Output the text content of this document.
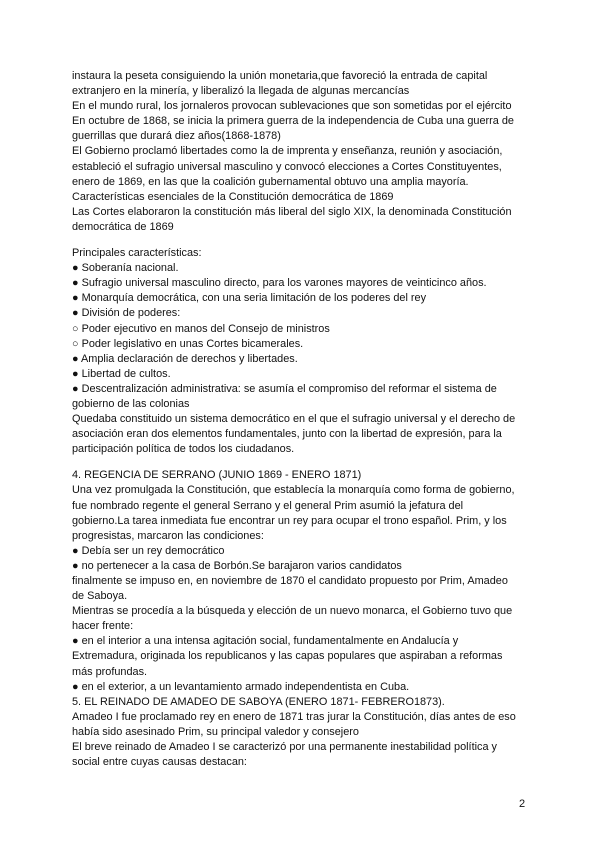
instaura la peseta consiguiendo la unión monetaria,que favoreció la entrada de capital
extranjero en la minería, y liberalizó la llegada de algunas mercancías
En el mundo rural, los jornaleros provocan sublevaciones que son sometidas por el ejército
En octubre de 1868, se inicia la primera guerra de la independencia de Cuba una guerra de
guerrillas que durará diez años(1868-1878)
El Gobierno proclamó libertades como la de imprenta y enseñanza, reunión y asociación,
estableció el sufragio universal masculino y convocó elecciones a Cortes Constituyentes,
enero de 1869, en las que la coalición gubernamental obtuvo una amplia mayoría.
Características esenciales de la Constitución democrática de 1869
Las Cortes elaboraron la constitución más liberal del siglo XIX, la denominada Constitución
democrática de 1869
Principales características:
● Soberanía nacional.
● Sufragio universal masculino directo, para los varones mayores de veinticinco años.
● Monarquía democrática, con una seria limitación de los poderes del rey
● División de poderes:
○ Poder ejecutivo en manos del Consejo de ministros
○ Poder legislativo en unas Cortes bicamerales.
● Amplia declaración de derechos y libertades.
● Libertad de cultos.
● Descentralización administrativa: se asumía el compromiso del reformar el sistema de
gobierno de las colonias
Quedaba constituido un sistema democrático en el que el sufragio universal y el derecho de
asociación eran dos elementos fundamentales, junto con la libertad de expresión, para la
participación política de todos los ciudadanos.
4. REGENCIA DE SERRANO (JUNIO 1869 - ENERO 1871)
Una vez promulgada la Constitución, que establecía la monarquía como forma de gobierno,
fue nombrado regente el general Serrano y el general Prim asumió la jefatura del
gobierno.La tarea inmediata fue encontrar un rey para ocupar el trono español. Prim, y los
progresistas, marcaron las condiciones:
● Debía ser un rey democrático
● no pertenecer a la casa de Borbón.Se barajaron varios candidatos
finalmente se impuso en, en noviembre de 1870 el candidato propuesto por Prim, Amadeo
de Saboya.
Mientras se procedía a la búsqueda y elección de un nuevo monarca, el Gobierno tuvo que
hacer frente:
● en el interior a una intensa agitación social, fundamentalmente en Andalucía y
Extremadura, originada los republicanos y las capas populares que aspiraban a reformas
más profundas.
● en el exterior, a un levantamiento armado independentista en Cuba.
5. EL REINADO DE AMADEO DE SABOYA (ENERO 1871- FEBRERO1873).
Amadeo I fue proclamado rey en enero de 1871 tras jurar la Constitución, días antes de eso
había sido asesinado Prim, su principal valedor y consejero
El breve reinado de Amadeo I se caracterizó por una permanente inestabilidad política y
social entre cuyas causas destacan:
2
